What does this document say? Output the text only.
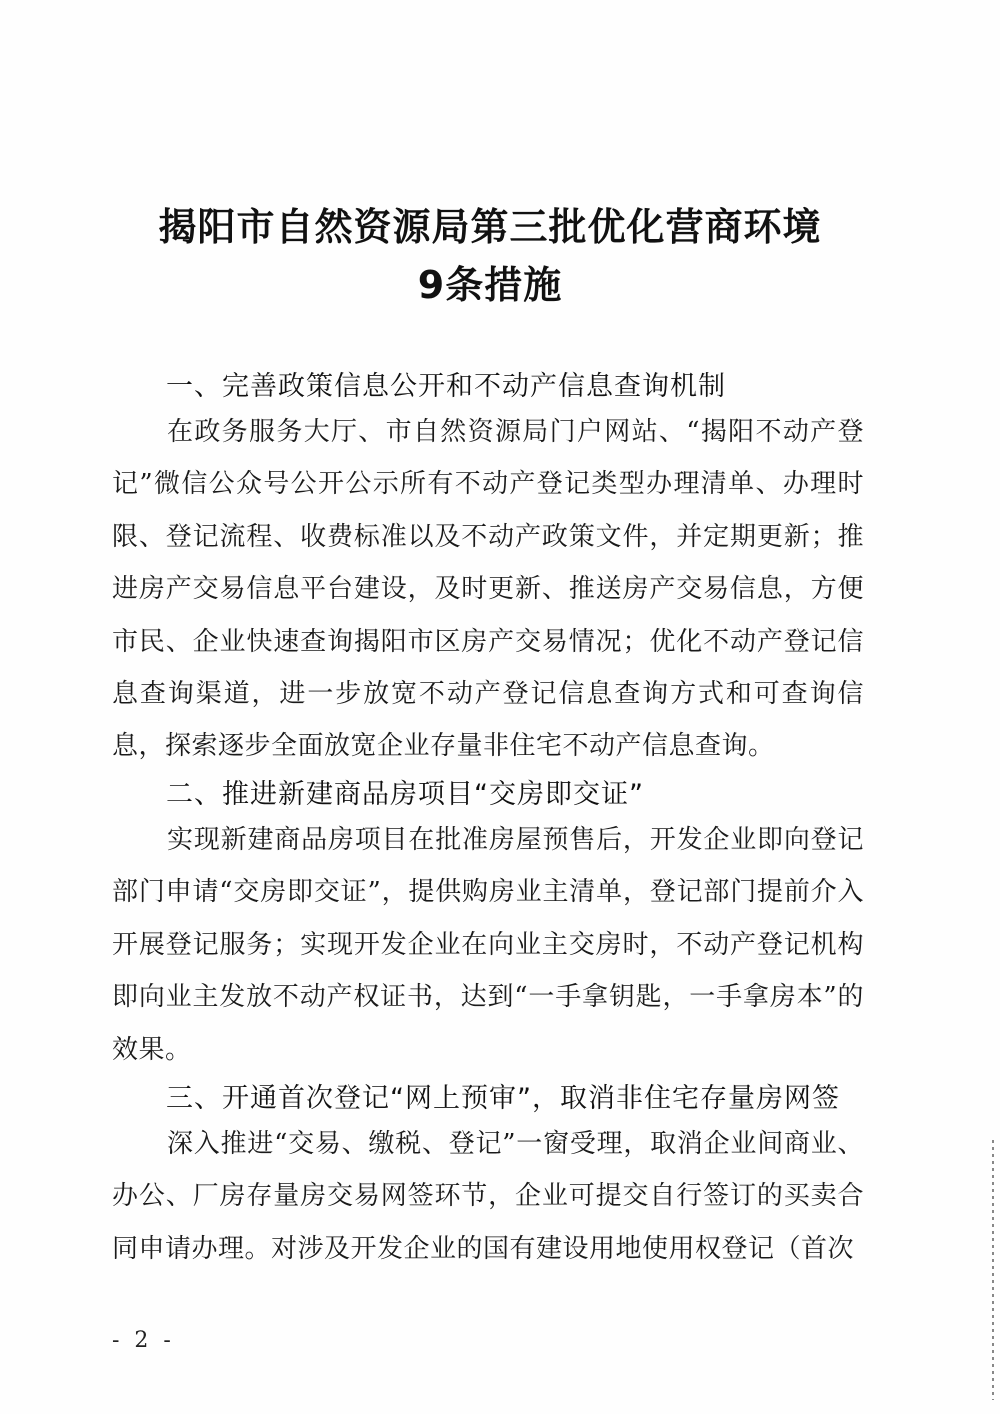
揭阳市自然资源局第三批优化营商环境
9条措施
一、完善政策信息公开和不动产信息查询机制
在政务服务大厅、市自然资源局门户网站、“揭阳不动产登记”微信公众号公开公示所有不动产登记类型办理清单、办理时限、登记流程、收费标准以及不动产政策文件，并定期更新；推进房产交易信息平台建设，及时更新、推送房产交易信息，方便市民、企业快速查询揭阳市区房产交易情况；优化不动产登记信息查询渠道，进一步放宽不动产登记信息查询方式和可查询信息，探索逐步全面放宽企业存量非住宅不动产信息查询。
二、推进新建商品房项目“交房即交证”
实现新建商品房项目在批准房屋预售后，开发企业即向登记部门申请“交房即交证”，提供购房业主清单，登记部门提前介入开展登记服务；实现开发企业在向业主交房时，不动产登记机构即向业主发放不动产权证书，达到“一手拿钥匙，一手拿房本”的效果。
三、开通首次登记“网上预审”，取消非住宅存量房网签
深入推进“交易、缴税、登记”一窗受理，取消企业间商业、办公、厂房存量房交易网签环节，企业可提交自行签订的买卖合同申请办理。对涉及开发企业的国有建设用地使用权登记（首次
- 2 -
